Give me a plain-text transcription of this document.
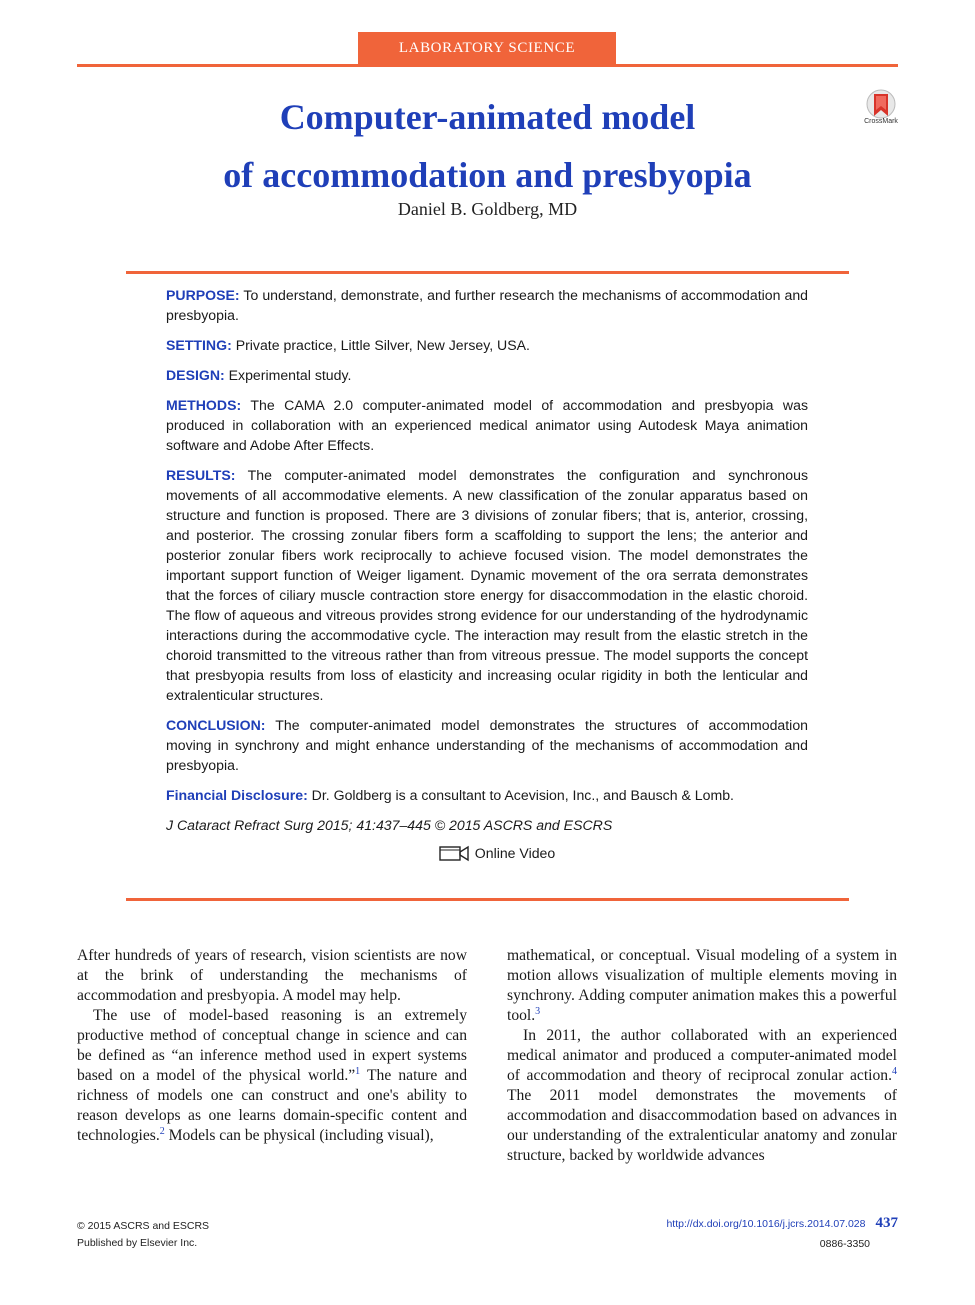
LABORATORY SCIENCE
Computer-animated model
of accommodation and presbyopia
CrossMark
Daniel B. Goldberg, MD

PURPOSE: To understand, demonstrate, and further research the mechanisms of accommodation and presbyopia.

SETTING: Private practice, Little Silver, New Jersey, USA.

DESIGN: Experimental study.

METHODS: The CAMA 2.0 computer-animated model of accommodation and presbyopia was produced in collaboration with an experienced medical animator using Autodesk Maya animation software and Adobe After Effects.

RESULTS: The computer-animated model demonstrates the configuration and synchronous movements of all accommodative elements. A new classification of the zonular apparatus based on structure and function is proposed. There are 3 divisions of zonular fibers; that is, anterior, crossing, and posterior. The crossing zonular fibers form a scaffolding to support the lens; the anterior and posterior zonular fibers work reciprocally to achieve focused vision. The model demonstrates the important support function of Weiger ligament. Dynamic movement of the ora serrata demonstrates that the forces of ciliary muscle contraction store energy for disaccommodation in the elastic choroid. The flow of aqueous and vitreous provides strong evidence for our understanding of the hydrodynamic interactions during the accommodative cycle. The interaction may result from the elastic stretch in the choroid transmitted to the vitreous rather than from vitreous pressue. The model supports the concept that presbyopia results from loss of elasticity and increasing ocular rigidity in both the lenticular and extralenticular structures.

CONCLUSION: The computer-animated model demonstrates the structures of accommodation moving in synchrony and might enhance understanding of the mechanisms of accommodation and presbyopia.

Financial Disclosure: Dr. Goldberg is a consultant to Acevision, Inc., and Bausch & Lomb.

J Cataract Refract Surg 2015; 41:437–445 © 2015 ASCRS and ESCRS

Online Video

After hundreds of years of research, vision scientists are now at the brink of understanding the mechanisms of accommodation and presbyopia. A model may help.

The use of model-based reasoning is an extremely productive method of conceptual change in science and can be defined as “an inference method used in expert systems based on a model of the physical world.”$^1$ The nature and richness of models one can construct and one's ability to reason develops as one learns domain-specific content and technologies.$^2$ Models can be physical (including visual),

mathematical, or conceptual. Visual modeling of a system in motion allows visualization of multiple elements moving in synchrony. Adding computer animation makes this a powerful tool.$^3$

In 2011, the author collaborated with an experienced medical animator and produced a computer-animated model of accommodation and theory of reciprocal zonular action.$^4$ The 2011 model demonstrates the movements of accommodation and disaccommodation based on advances in our understanding of the extralenticular anatomy and zonular structure, backed by worldwide advances

© 2015 ASCRS and ESCRS
Published by Elsevier Inc.
http://dx.doi.org/10.1016/j.jcrs.2014.07.028 437
0886-3350
